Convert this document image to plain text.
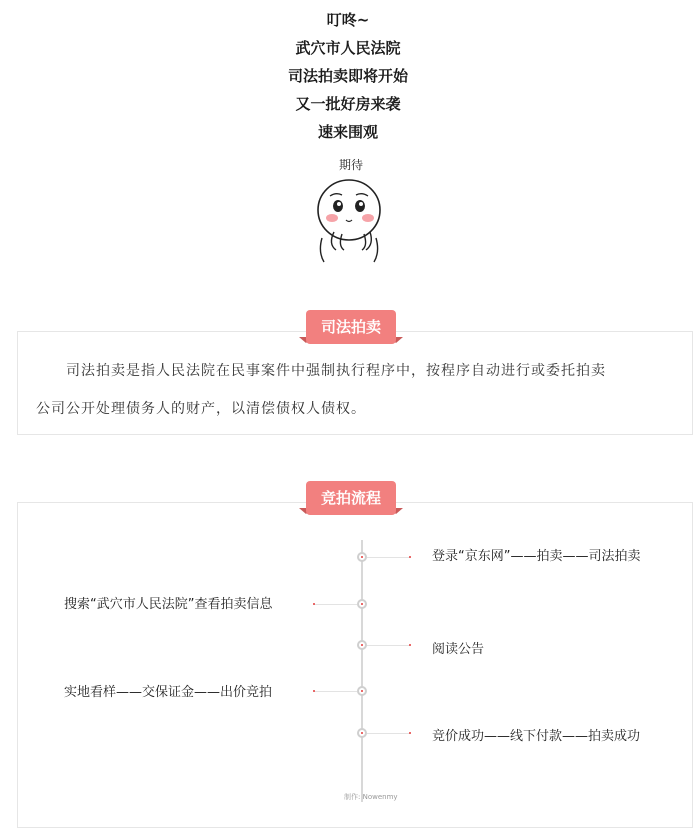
叮咚~
武穴市人民法院
司法拍卖即将开始
又一批好房来袭
速来围观
期待
司法拍卖
司法拍卖是指人民法院在民事案件中强制执行程序中，按程序自动进行或委托拍卖
公司公开处理债务人的财产，以清偿债权人债权。
竞拍流程
登录“京东网”——拍卖——司法拍卖
搜索“武穴市人民法院”查看拍卖信息
阅读公告
实地看样——交保证金——出价竞拍
竞价成功——线下付款——拍卖成功
制作: Nowenmy
